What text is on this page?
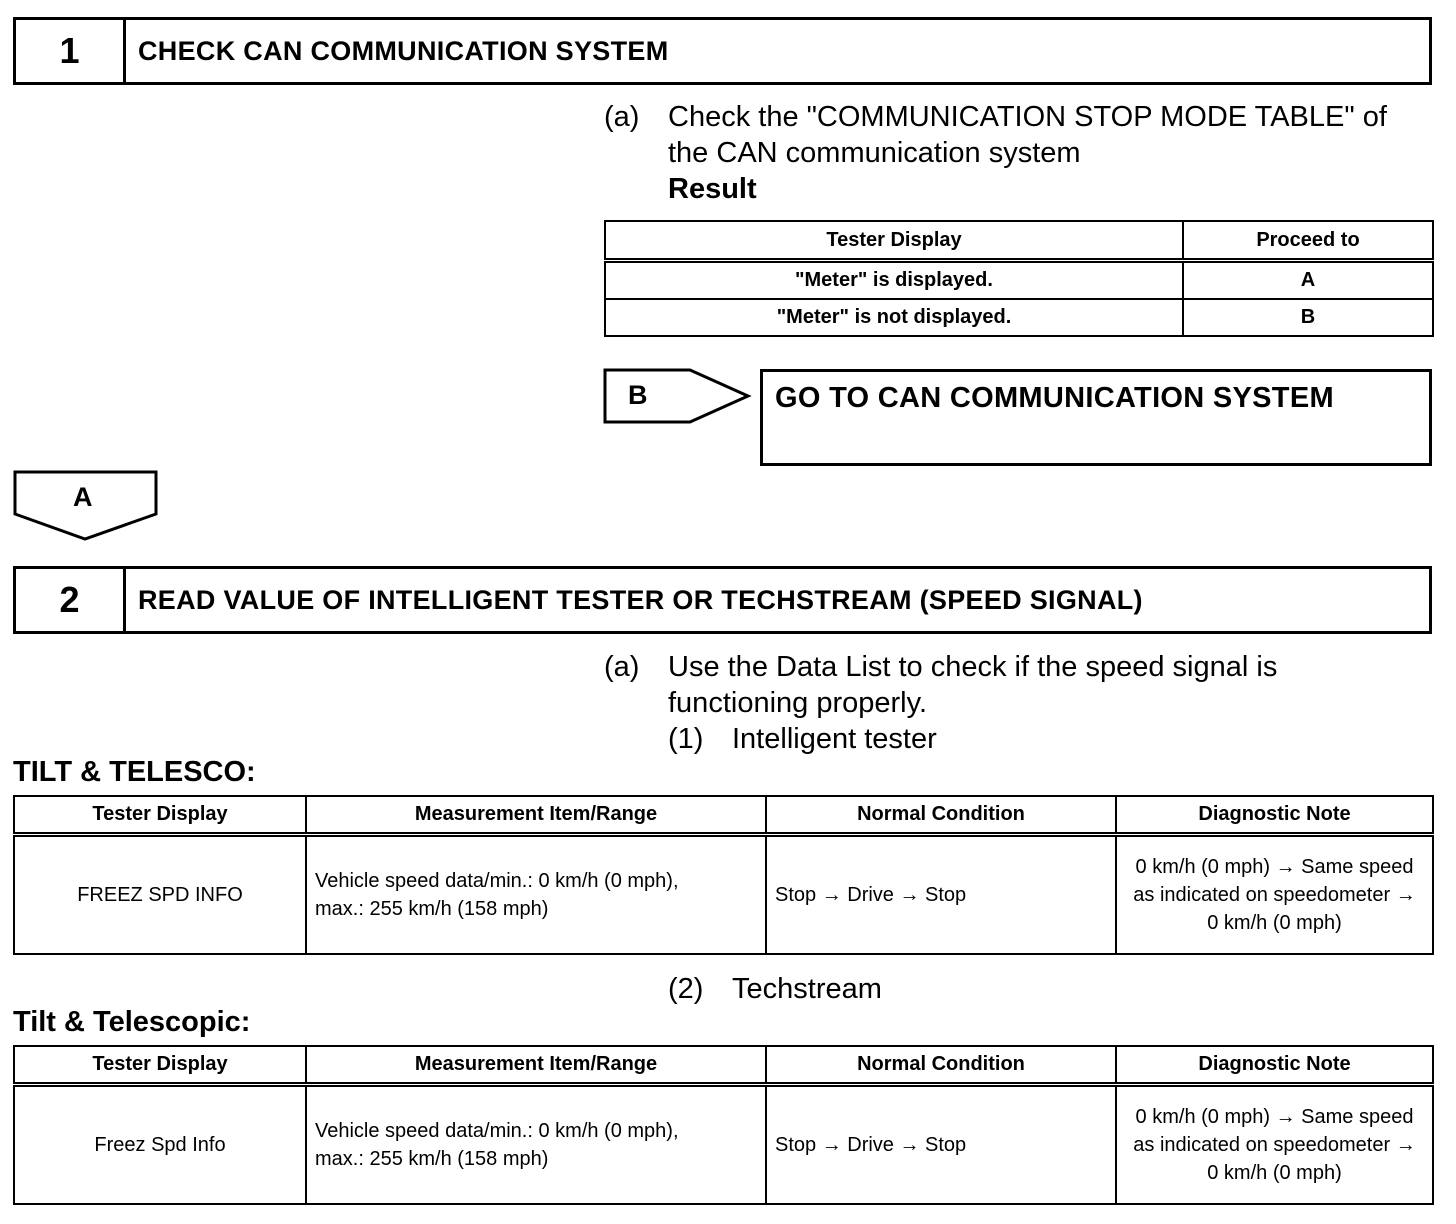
1	CHECK CAN COMMUNICATION SYSTEM
(a) Check the "COMMUNICATION STOP MODE TABLE" of
the CAN communication system
Result
Tester Display	Proceed to
"Meter" is displayed.	A
"Meter" is not displayed.	B
B	GO TO CAN COMMUNICATION SYSTEM
A
2	READ VALUE OF INTELLIGENT TESTER OR TECHSTREAM (SPEED SIGNAL)
(a) Use the Data List to check if the speed signal is
functioning properly.
(1) Intelligent tester
TILT & TELESCO:
Tester Display	Measurement Item/Range	Normal Condition	Diagnostic Note
FREEZ SPD INFO	Vehicle speed data/min.: 0 km/h (0 mph),
max.: 255 km/h (158 mph)	Stop → Drive → Stop	0 km/h (0 mph) → Same speed as indicated on speedometer → 0 km/h (0 mph)
(2) Techstream
Tilt & Telescopic:
Tester Display	Measurement Item/Range	Normal Condition	Diagnostic Note
Freez Spd Info	Vehicle speed data/min.: 0 km/h (0 mph),
max.: 255 km/h (158 mph)	Stop → Drive → Stop	0 km/h (0 mph) → Same speed as indicated on speedometer → 0 km/h (0 mph)
